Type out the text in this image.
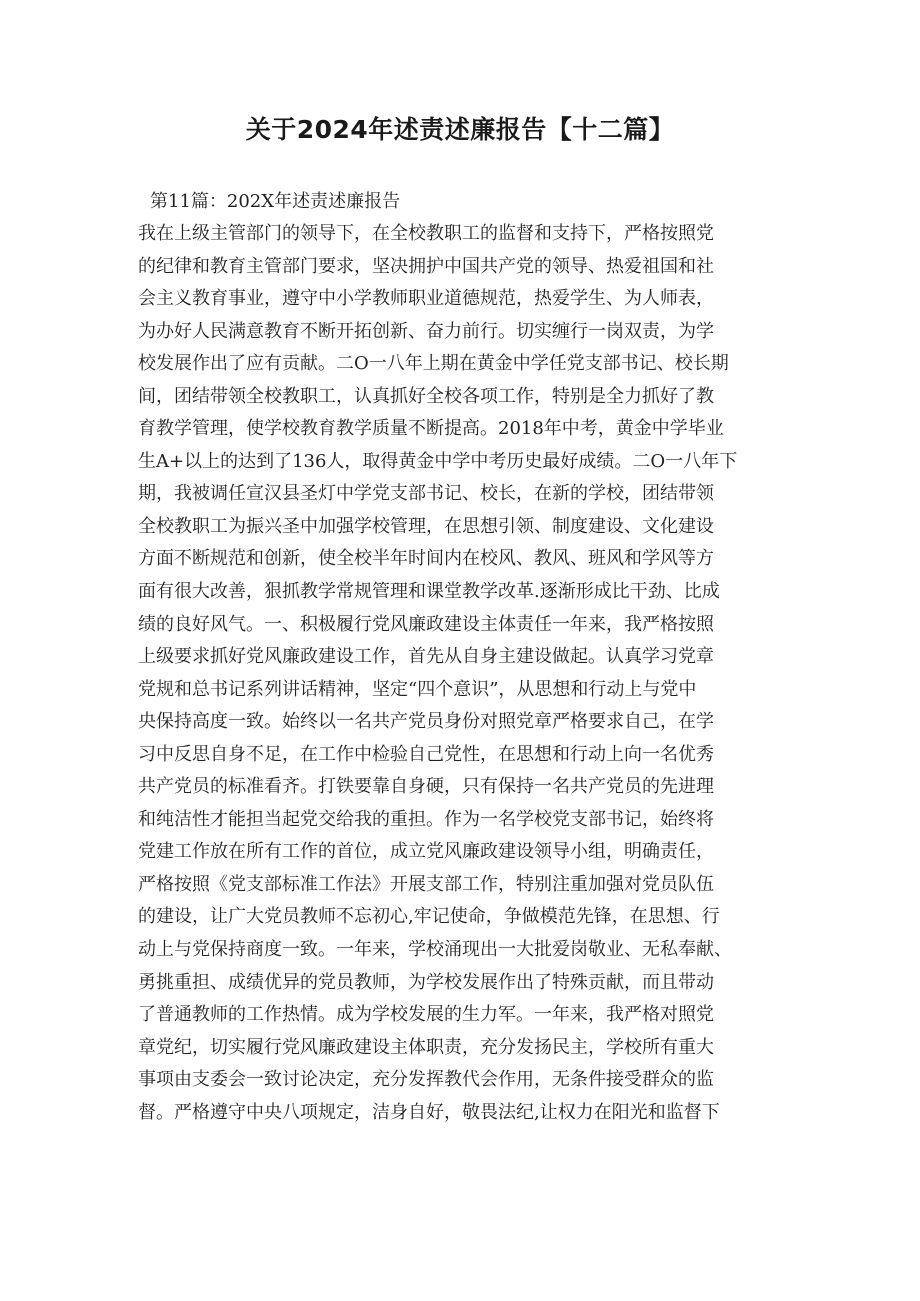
关于2024年述责述廉报告【十二篇】

第11篇：202X年述责述廉报告

我在上级主管部门的领导下，在全校教职工的监督和支持下，严格按照党

的纪律和教育主管部门要求，坚决拥护中国共产党的领导、热爱祖国和社

会主义教育事业，遵守中小学教师职业道德规范，热爱学生、为人师表，

为办好人民满意教育不断开拓创新、奋力前行。切实缠行一岗双责，为学

校发展作出了应有贡献。二O一八年上期在黄金中学任党支部书记、校长期

间，团结带领全校教职工，认真抓好全校各项工作，特别是全力抓好了教

育教学管理，使学校教育教学质量不断提高。2018年中考，黄金中学毕业

生A+以上的达到了136人，取得黄金中学中考历史最好成绩。二O一八年下

期，我被调任宣汉县圣灯中学党支部书记、校长，在新的学校，团结带领

全校教职工为振兴圣中加强学校管理，在思想引领、制度建设、文化建设

方面不断规范和创新，使全校半年时间内在校风、教风、班风和学风等方

面有很大改善，狠抓教学常规管理和课堂教学改革.逐渐形成比干劲、比成

绩的良好风气。一、积极履行党风廉政建设主体责任一年来，我严格按照

上级要求抓好党风廉政建设工作，首先从自身主建设做起。认真学习党章

党规和总书记系列讲话精神，坚定“四个意识”，从思想和行动上与党中

央保持高度一致。始终以一名共产党员身份对照党章严格要求自己，在学

习中反思自身不足，在工作中检验自己党性，在思想和行动上向一名优秀

共产党员的标准看齐。打铁要靠自身硬，只有保持一名共产党员的先进理

和纯洁性才能担当起党交给我的重担。作为一名学校党支部书记，始终将

党建工作放在所有工作的首位，成立党风廉政建设领导小组，明确责任，

严格按照《党支部标准工作法》开展支部工作，特别注重加强对党员队伍

的建设，让广大党员教师不忘初心,牢记使命，争做模范先锋，在思想、行

动上与党保持商度一致。一年来，学校涌现出一大批爱岗敬业、无私奉献、

勇挑重担、成绩优异的党员教师，为学校发展作出了特殊贡献，而且带动

了普通教师的工作热情。成为学校发展的生力军。一年来，我严格对照党

章党纪，切实履行党风廉政建设主体职责，充分发扬民主，学校所有重大

事项由支委会一致讨论决定，充分发挥教代会作用，无条件接受群众的监

督。严格遵守中央八项规定，洁身自好，敬畏法纪,让权力在阳光和监督下
